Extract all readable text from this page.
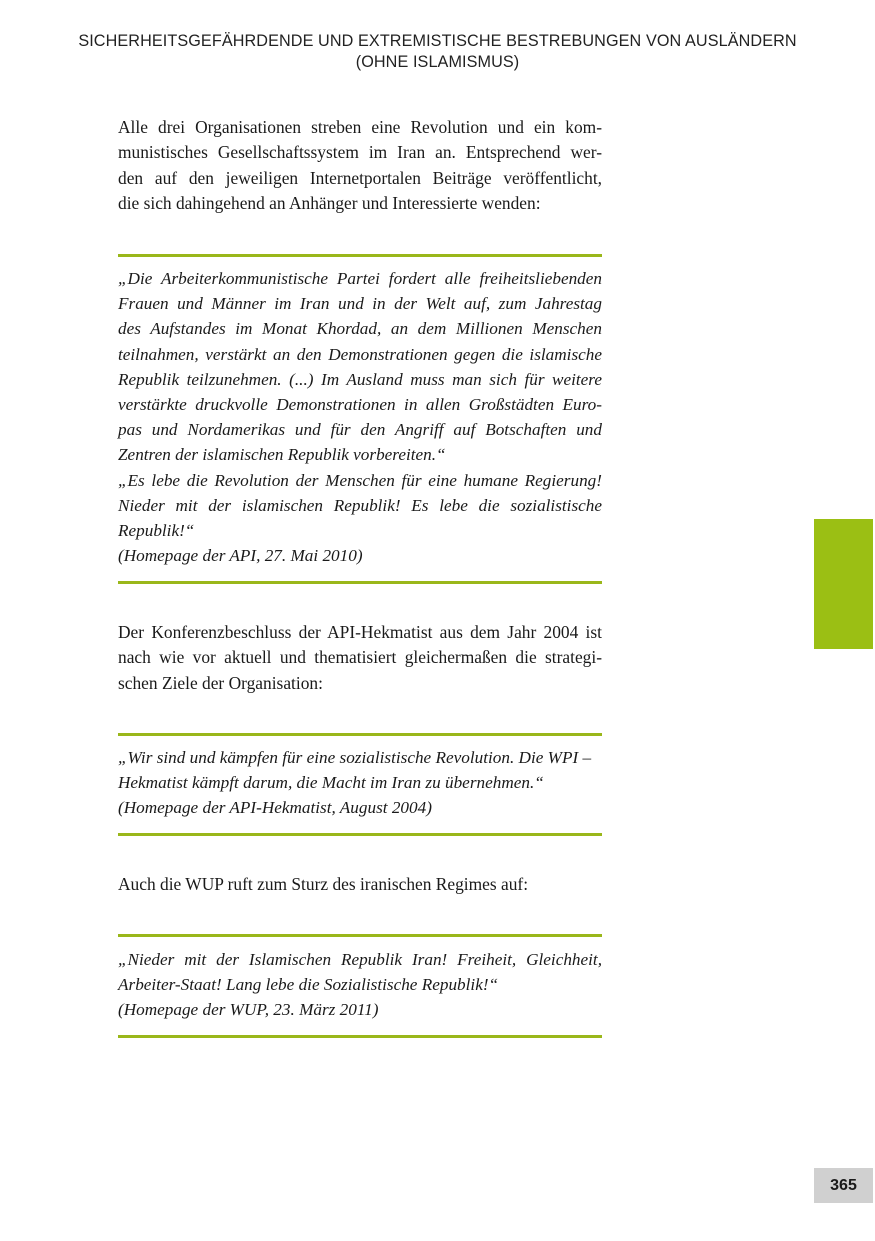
SICHERHEITSGEFÄHRDENDE UND EXTREMISTISCHE BESTREBUNGEN VON AUSLÄNDERN
(OHNE ISLAMISMUS)
Alle drei Organisationen streben eine Revolution und ein kom-
munistisches Gesellschaftssystem im Iran an. Entsprechend wer-
den auf den jeweiligen Internetportalen Beiträge veröffentlicht,
die sich dahingehend an Anhänger und Interessierte wenden:
„Die Arbeiterkommunistische Partei fordert alle freiheitsliebenden
Frauen und Männer im Iran und in der Welt auf, zum Jahrestag
des Aufstandes im Monat Khordad, an dem Millionen Menschen
teilnahmen, verstärkt an den Demonstrationen gegen die islamische
Republik teilzunehmen. (...) Im Ausland muss man sich für weitere
verstärkte druckvolle Demonstrationen in allen Großstädten Euro-
pas und Nordamerikas und für den Angriff auf Botschaften und
Zentren der islamischen Republik vorbereiten.“
„Es lebe die Revolution der Menschen für eine humane Regierung!
Nieder mit der islamischen Republik! Es lebe die sozialistische
Republik!“
(Homepage der API, 27. Mai 2010)
Der Konferenzbeschluss der API-Hekmatist aus dem Jahr 2004 ist
nach wie vor aktuell und thematisiert gleichermaßen die strategi-
schen Ziele der Organisation:
„Wir sind und kämpfen für eine sozialistische Revolution. Die WPI –
Hekmatist kämpft darum, die Macht im Iran zu übernehmen.“
(Homepage der API-Hekmatist, August 2004)
Auch die WUP ruft zum Sturz des iranischen Regimes auf:
„Nieder mit der Islamischen Republik Iran! Freiheit, Gleichheit,
Arbeiter-Staat! Lang lebe die Sozialistische Republik!“
(Homepage der WUP, 23. März 2011)
365
